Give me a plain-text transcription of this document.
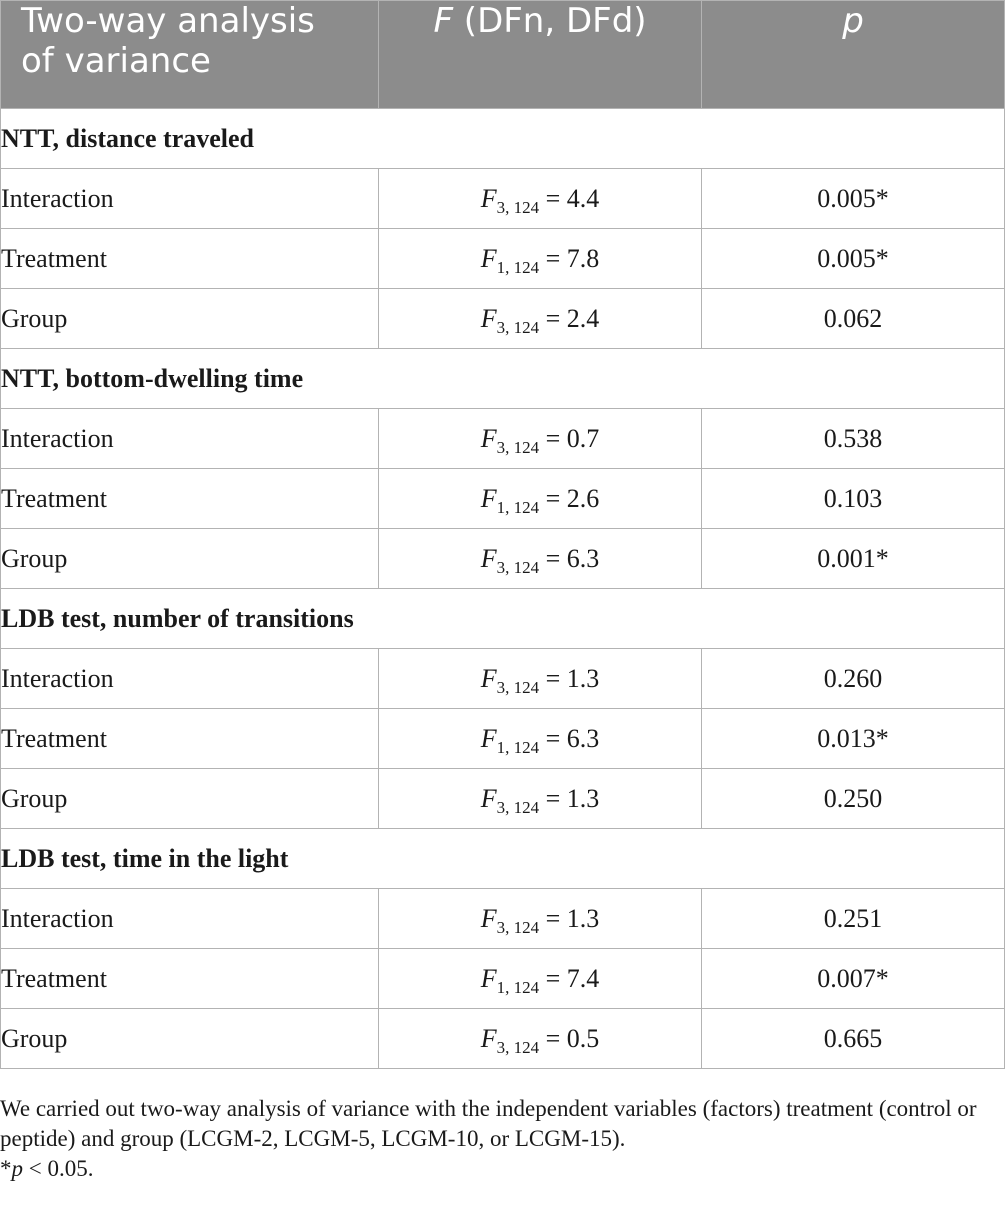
Two-way analysis
of variance	F (DFn, DFd)	p
NTT, distance traveled		
Interaction	$F_{3, 124} = 4.4$	0.005*
Treatment	$F_{1, 124} = 7.8$	0.005*
Group	$F_{3, 124} = 2.4$	0.062
NTT, bottom-dwelling time		
Interaction	$F_{3, 124} = 0.7$	0.538
Treatment	$F_{1, 124} = 2.6$	0.103
Group	$F_{3, 124} = 6.3$	0.001*
LDB test, number of transitions		
Interaction	$F_{3, 124} = 1.3$	0.260
Treatment	$F_{1, 124} = 6.3$	0.013*
Group	$F_{3, 124} = 1.3$	0.250
LDB test, time in the light		
Interaction	$F_{3, 124} = 1.3$	0.251
Treatment	$F_{1, 124} = 7.4$	0.007*
Group	$F_{3, 124} = 0.5$	0.665

We carried out two-way analysis of variance with the independent variables (factors) treatment (control or peptide) and group (LCGM-2, LCGM-5, LCGM-10, or LCGM-15).

*p < 0.05.
